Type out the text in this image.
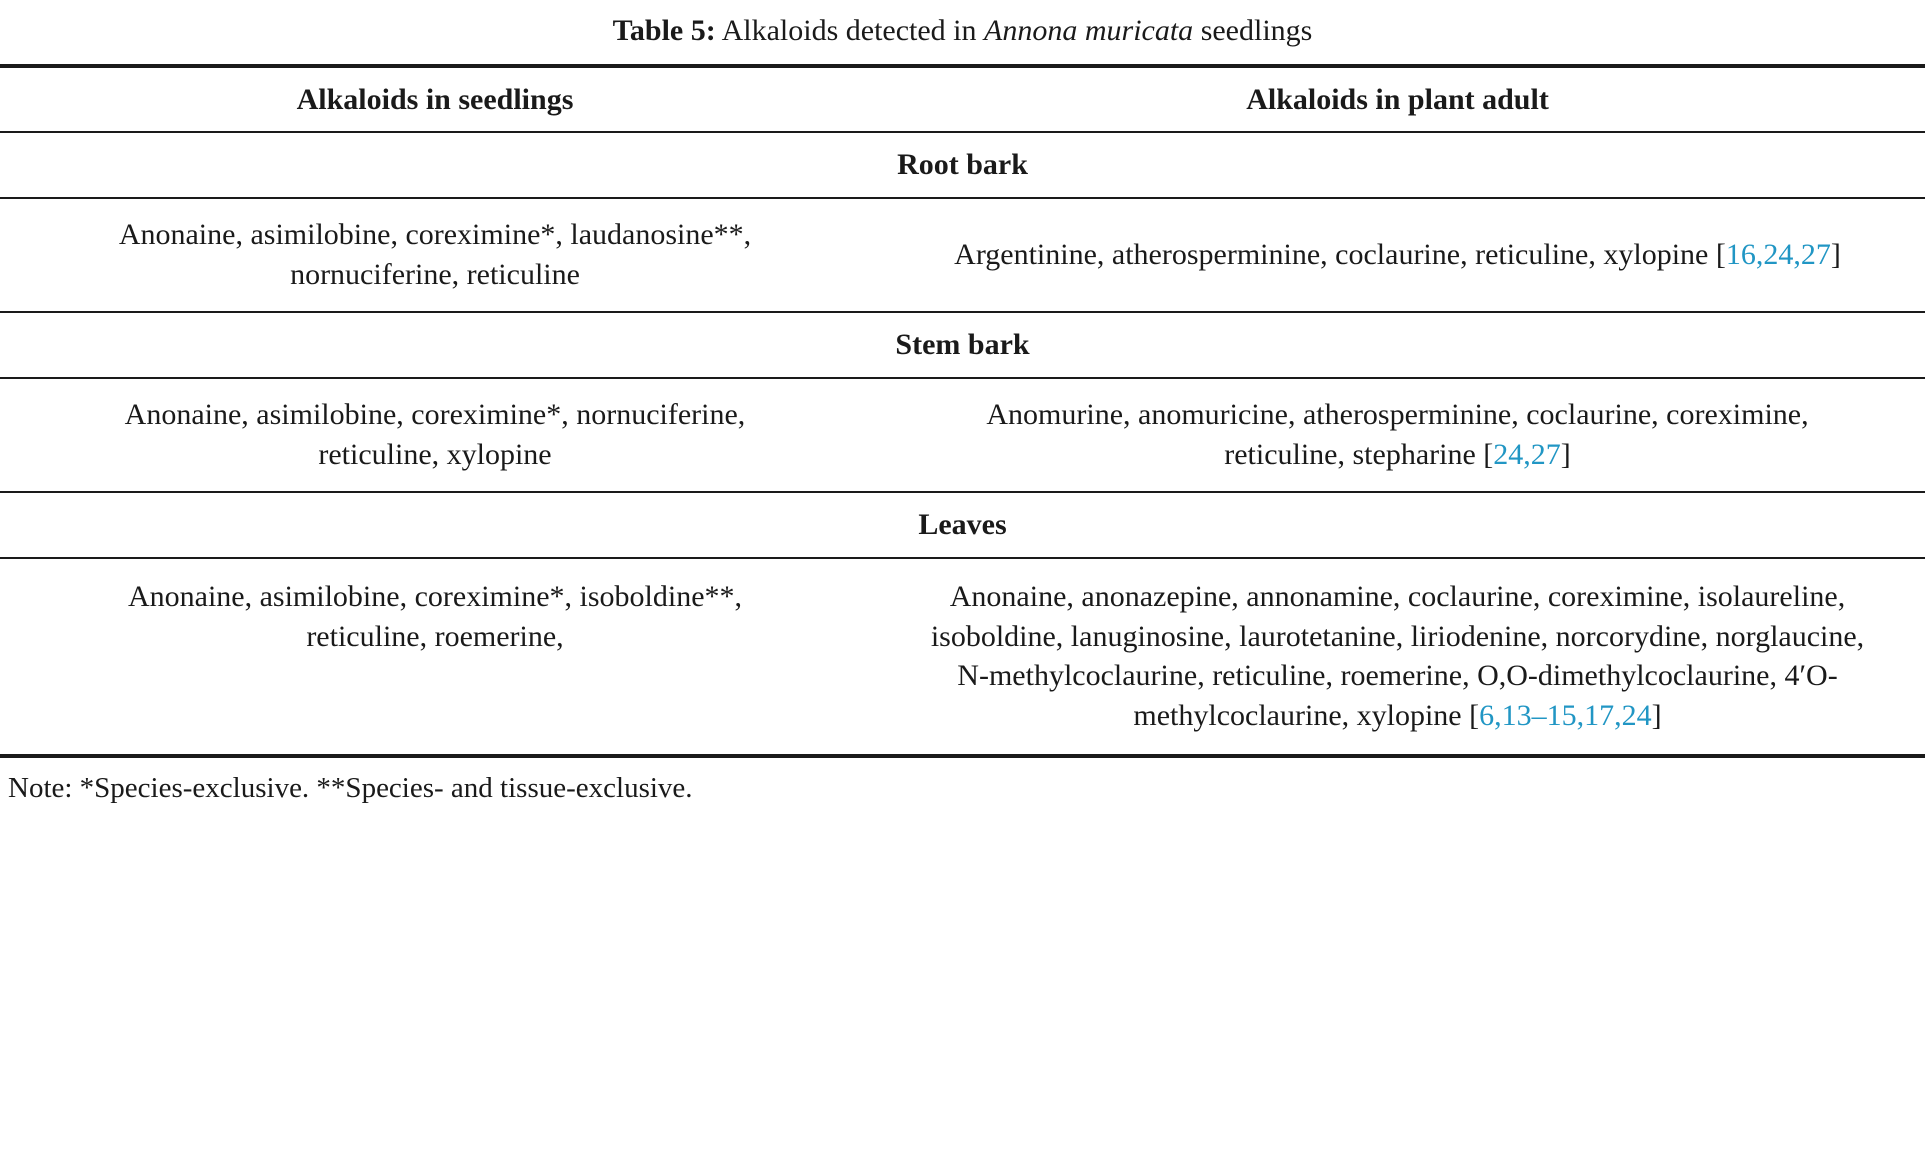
Table 5: Alkaloids detected in Annona muricata seedlings
Alkaloids in seedlings	Alkaloids in plant adult
Root bark	

Anonaine, asimilobine, coreximine*, laudanosine**, nornuciferine, reticuline	Argentinine, atherosperminine, coclaurine, reticuline, xylopine [16,24,27]

Stem bark	

Anonaine, asimilobine, coreximine*, nornuciferine, reticuline, xylopine	Anomurine, anomuricine, atherosperminine, coclaurine, coreximine, reticuline, stepharine [24,27]

Leaves	

Anonaine, asimilobine, coreximine*, isoboldine**, reticuline, roemerine,	Anonaine, anonazepine, annonamine, coclaurine, coreximine, isolaureline, isoboldine, lanuginosine, laurotetanine, liriodenine, norcorydine, norglaucine, N-methylcoclaurine, reticuline, roemerine, O,O-dimethylcoclaurine, 4′O-methylcoclaurine, xylopine [6,13–15,17,24]
Note: *Species-exclusive. **Species- and tissue-exclusive.
